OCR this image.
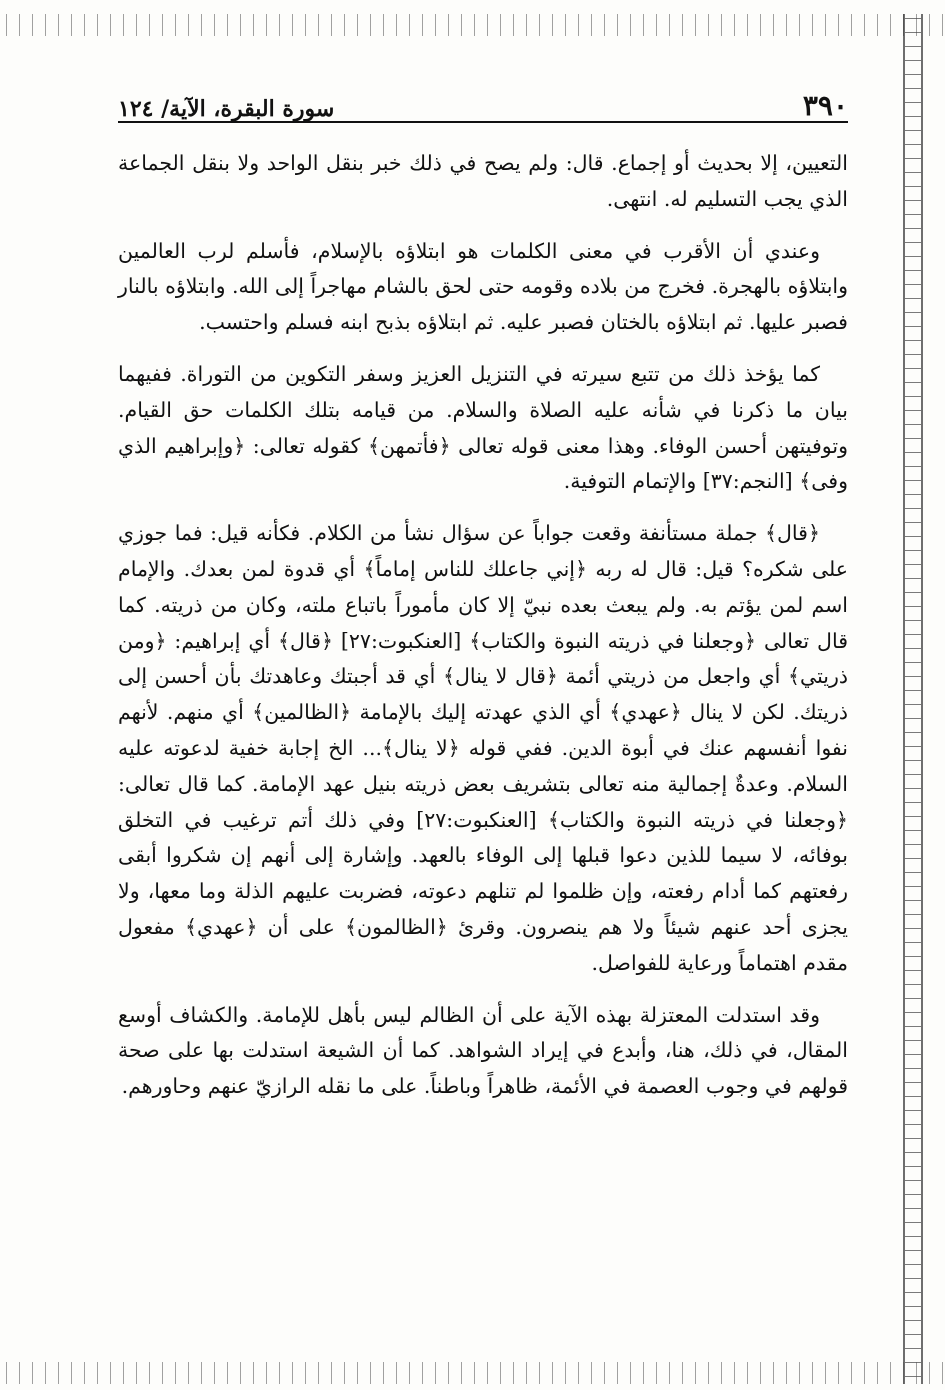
٣٩٠
سورة البقرة، الآية/ ١٢٤

التعيين، إلا بحديث أو إجماع. قال: ولم يصح في ذلك خبر بنقل الواحد ولا بنقل الجماعة الذي يجب التسليم له. انتهى.

وعندي أن الأقرب في معنى الكلمات هو ابتلاؤه بالإسلام، فأسلم لرب العالمين وابتلاؤه بالهجرة. فخرج من بلاده وقومه حتى لحق بالشام مهاجراً إلى الله. وابتلاؤه بالنار فصبر عليها. ثم ابتلاؤه بالختان فصبر عليه. ثم ابتلاؤه بذبح ابنه فسلم واحتسب.

كما يؤخذ ذلك من تتبع سيرته في التنزيل العزيز وسفر التكوين من التوراة. ففيهما بيان ما ذكرنا في شأنه عليه الصلاة والسلام. من قيامه بتلك الكلمات حق القيام. وتوفيتهن أحسن الوفاء. وهذا معنى قوله تعالى ﴿فأتمهن﴾ كقوله تعالى: ﴿وإبراهيم الذي وفى﴾ [النجم:٣٧] والإتمام التوفية.

﴿قال﴾ جملة مستأنفة وقعت جواباً عن سؤال نشأ من الكلام. فكأنه قيل: فما جوزي على شكره؟ قيل: قال له ربه ﴿إني جاعلك للناس إماماً﴾ أي قدوة لمن بعدك. والإمام اسم لمن يؤتم به. ولم يبعث بعده نبيّ إلا كان مأموراً باتباع ملته، وكان من ذريته. كما قال تعالى ﴿وجعلنا في ذريته النبوة والكتاب﴾ [العنكبوت:٢٧] ﴿قال﴾ أي إبراهيم: ﴿ومن ذريتي﴾ أي واجعل من ذريتي أئمة ﴿قال لا ينال﴾ أي قد أجبتك وعاهدتك بأن أحسن إلى ذريتك. لكن لا ينال ﴿عهدي﴾ أي الذي عهدته إليك بالإمامة ﴿الظالمين﴾ أي منهم. لأنهم نفوا أنفسهم عنك في أبوة الدين. ففي قوله ﴿لا ينال﴾... الخ إجابة خفية لدعوته عليه السلام. وعدةٌ إجمالية منه تعالى بتشريف بعض ذريته بنيل عهد الإمامة. كما قال تعالى: ﴿وجعلنا في ذريته النبوة والكتاب﴾ [العنكبوت:٢٧] وفي ذلك أتم ترغيب في التخلق بوفائه، لا سيما للذين دعوا قبلها إلى الوفاء بالعهد. وإشارة إلى أنهم إن شكروا أبقى رفعتهم كما أدام رفعته، وإن ظلموا لم تنلهم دعوته، فضربت عليهم الذلة وما معها، ولا يجزى أحد عنهم شيئاً ولا هم ينصرون. وقرئ ﴿الظالمون﴾ على أن ﴿عهدي﴾ مفعول مقدم اهتماماً ورعاية للفواصل.

وقد استدلت المعتزلة بهذه الآية على أن الظالم ليس بأهل للإمامة. والكشاف أوسع المقال، في ذلك، هنا، وأبدع في إيراد الشواهد. كما أن الشيعة استدلت بها على صحة قولهم في وجوب العصمة في الأئمة، ظاهراً وباطناً. على ما نقله الرازيّ عنهم وحاورهم.
